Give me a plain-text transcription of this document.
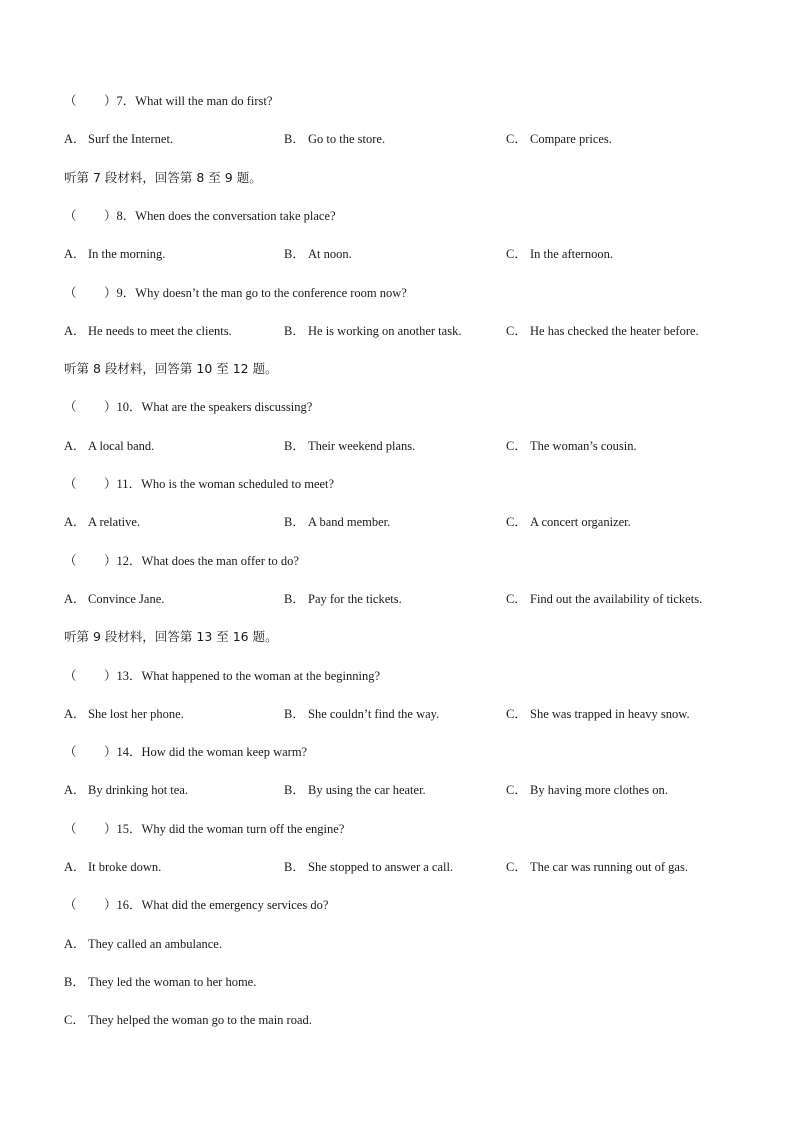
（ ）7．What will the man do first?
A． Surf the Internet.	B． Go to the store.	C． Compare prices.
听第 7 段材料，回答第 8 至 9 题。
（ ）8．When does the conversation take place?
A． In the morning.	B． At noon.	C． In the afternoon.
（ ）9．Why doesn’t the man go to the conference room now?
A． He needs to meet the clients.	B． He is working on another task.	C． He has checked the heater before.
听第 8 段材料，回答第 10 至 12 题。
（ ）10．What are the speakers discussing?
A． A local band.	B． Their weekend plans.	C． The woman’s cousin.
（ ）11．Who is the woman scheduled to meet?
A． A relative.	B． A band member.	C． A concert organizer.
（ ）12．What does the man offer to do?
A． Convince Jane.	B． Pay for the tickets.	C． Find out the availability of tickets.
听第 9 段材料，回答第 13 至 16 题。
（ ）13．What happened to the woman at the beginning?
A． She lost her phone.	B． She couldn’t find the way.	C． She was trapped in heavy snow.
（ ）14．How did the woman keep warm?
A． By drinking hot tea.	B． By using the car heater.	C． By having more clothes on.
（ ）15．Why did the woman turn off the engine?
A． It broke down.	B． She stopped to answer a call.	C． The car was running out of gas.
（ ）16．What did the emergency services do?
A． They called an ambulance.
B． They led the woman to her home.
C． They helped the woman go to the main road.
